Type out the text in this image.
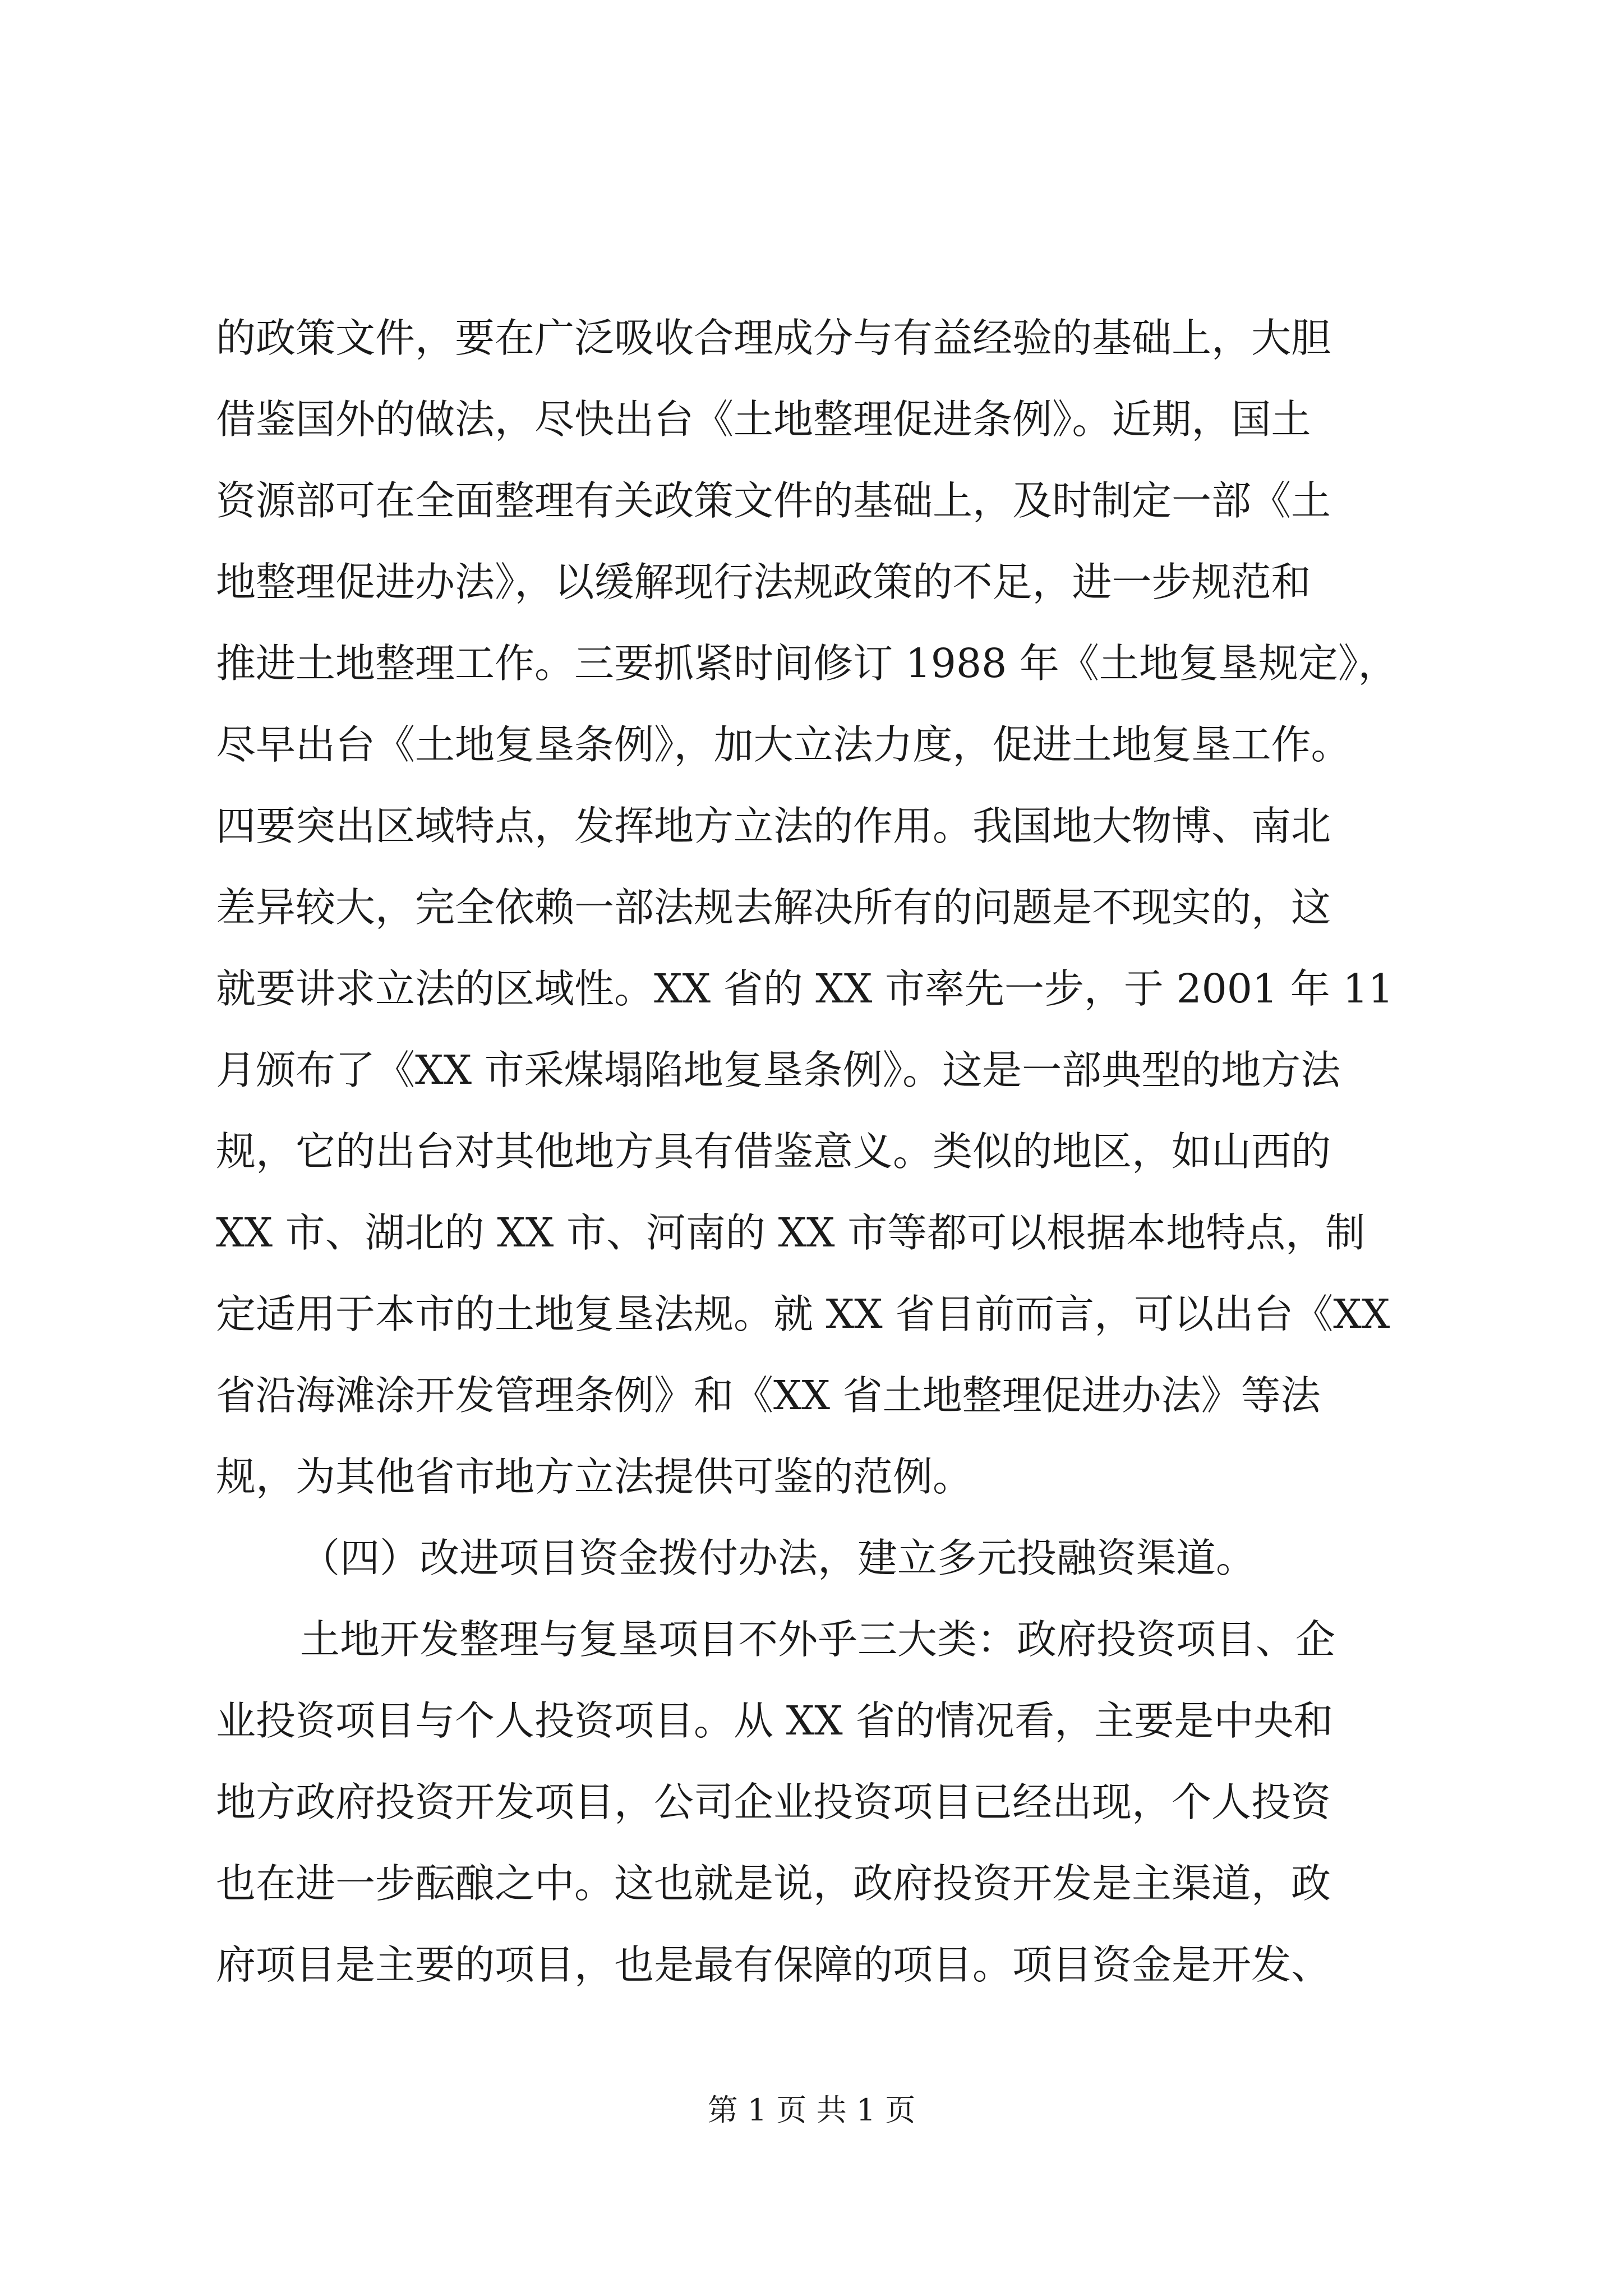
的政策文件，要在广泛吸收合理成分与有益经验的基础上，大胆
借鉴国外的做法，尽快出台《土地整理促进条例》。近期，国土
资源部可在全面整理有关政策文件的基础上，及时制定一部《土
地整理促进办法》，以缓解现行法规政策的不足，进一步规范和
推进土地整理工作。三要抓紧时间修订 1988 年《土地复垦规定》，
尽早出台《土地复垦条例》，加大立法力度，促进土地复垦工作。
四要突出区域特点，发挥地方立法的作用。我国地大物博、南北
差异较大，完全依赖一部法规去解决所有的问题是不现实的，这
就要讲求立法的区域性。XX 省的 XX 市率先一步，于 2001 年 11
月颁布了《XX 市采煤塌陷地复垦条例》。这是一部典型的地方法
规，它的出台对其他地方具有借鉴意义。类似的地区，如山西的
XX 市、湖北的 XX 市、河南的 XX 市等都可以根据本地特点，制
定适用于本市的土地复垦法规。就 XX 省目前而言，可以出台《XX
省沿海滩涂开发管理条例》和《XX 省土地整理促进办法》等法
规，为其他省市地方立法提供可鉴的范例。
（四）改进项目资金拨付办法，建立多元投融资渠道。
土地开发整理与复垦项目不外乎三大类：政府投资项目、企
业投资项目与个人投资项目。从 XX 省的情况看，主要是中央和
地方政府投资开发项目，公司企业投资项目已经出现，个人投资
也在进一步酝酿之中。这也就是说，政府投资开发是主渠道，政
府项目是主要的项目，也是最有保障的项目。项目资金是开发、
第 1 页 共 1 页
